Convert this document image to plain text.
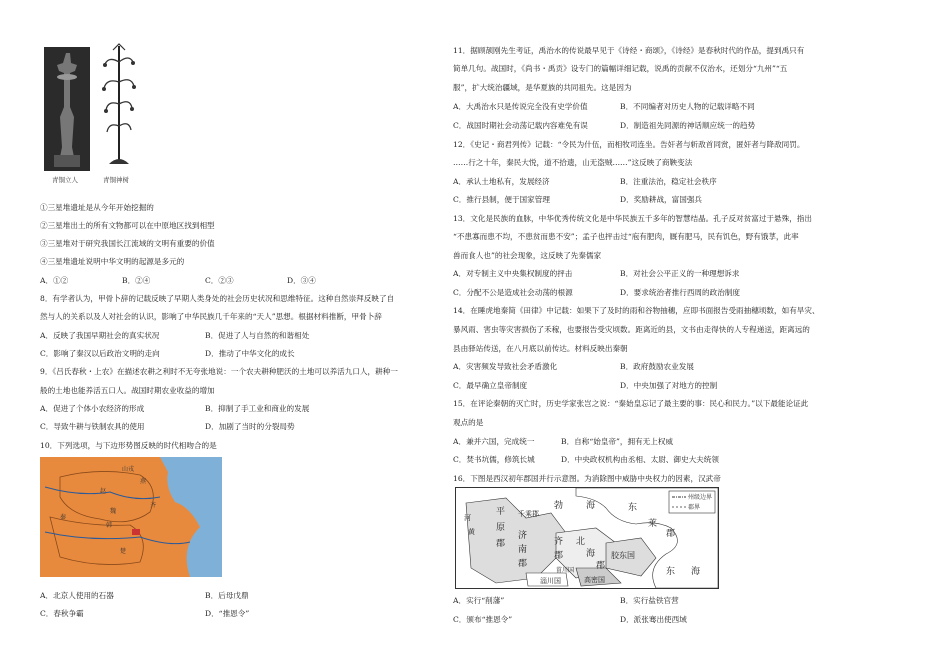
青铜立人	青铜神树
①三星堆遗址是从今年开始挖掘的
②三星堆出土的所有文物都可以在中原地区找到相型
③三星堆对于研究我国长江流域的文明有重要的价值
④三星堆遗址说明中华文明的起源是多元的
A．①②	B．②④	C．②③	D．③④
8．有学者认为，甲骨卜辞的记载反映了早期人类身处的社会历史状况和思维特征。这种自然崇拜反映了自
然与人的关系以及人对社会的认识，影响了中华民族几千年来的“天人”思想。根据材料推断，甲骨卜辞
A．反映了我国早期社会的真实状况	B．促进了人与自然的和谐相处
C．影响了秦汉以后政治文明的走向	D．推动了中华文化的成长
9．《吕氏春秋・上农》在描述农耕之利时不无夸张地说：一个农夫耕种肥沃的土地可以养活九口人，耕种一
般的土地也能养活五口人。战国时期农业收益的增加
A．促进了个体小农经济的形成	B．抑制了手工业和商业的发展
C．导致牛耕与铁制农具的使用	D．加剧了当时的分裂局势
10．下列选项，与下边形势图反映的时代相吻合的是
山戎
燕
赵
魏
齐
楚
秦
韩
A．北京人使用的石器	B．后母戊鼎
C．春秋争霸	D．“推恩令”
11．据顾颉刚先生考证，禹治水的传说最早见于《诗经・商颂》，《诗经》是春秋时代的作品，提到禹只有
简单几句。战国时，《尚书・禹贡》设专门的篇幅详细记载，说禹的贡献不仅治水，还划分“九州”“五
服”，扩大统治疆域，是华夏族的共同祖先。这是因为
A．大禹治水只是传说完全没有史学价值	B．不同编者对历史人物的记载详略不同
C．战国时期社会动荡记载内容难免有误	D．制造祖先同源的神话顺应统一的趋势
12．《史记・商君列传》记载：“令民为什伍，而相牧司连坐。告奸者与斩敌首同赏，匿奸者与降敌同罚。
……行之十年，秦民大悦，道不拾遗，山无盗贼……”这反映了商鞅变法
A．承认土地私有，发展经济	B．注重法治，稳定社会秩序
C．推行县制，便于国家管理	D．奖励耕战，富国强兵
13．文化是民族的血脉，中华优秀传统文化是中华民族五千多年的智慧结晶。孔子反对贫富过于悬殊，指出
“不患寡而患不均，不患贫而患不安”；孟子也抨击过“庖有肥肉，厩有肥马，民有饥色，野有饿莩，此率
兽而食人也”的社会现象，这反映了先秦儒家
A．对专制主义中央集权制度的抨击	B．对社会公平正义的一种理想诉求
C．分配不公是造成社会动荡的根源	D．要求统治者推行西周的政治制度
14．在睡虎地秦简《田律》中记载：如果下了及时的雨和谷物抽穗，应即书面报告受雨抽穗顷数，如有旱灾、
暴风雨、害虫等灾害损伤了禾稼，也要报告受灾顷数。距离近的县，文书由走得快的人专程递送，距离远的
县由驿站传送，在八月底以前传达。材料反映出秦朝
A．灾害频发导致社会矛盾激化	B．政府鼓励农业发展
C．最早确立皇帝制度	D．中央加强了对地方的控制
15．在评论秦朝的灭亡时，历史学家张岂之说：“秦始皇忘记了最主要的事：民心和民力。”以下最能论证此
观点的是
A．兼并六国，完成统一	B．自称“始皇帝”，拥有无上权威
C．焚书坑儒，修筑长城	D．中央政权机构由丞相、太尉、御史大夫统领
16．下图是西汉初年郡国并行示意图。为消除图中威胁中央权力的因素，汉武帝
州级边界
郡界
平
原
郡
千乘郡
勃	海	东
莱
郡
济
南
郡
齐
郡
北
海
郡
胶东国
高密国
淄川国
河
黄
东 海
菑川国
A．实行“削藩”	B．实行盐铁官营
C．颁布“推恩令”	D．派张骞出使西域
